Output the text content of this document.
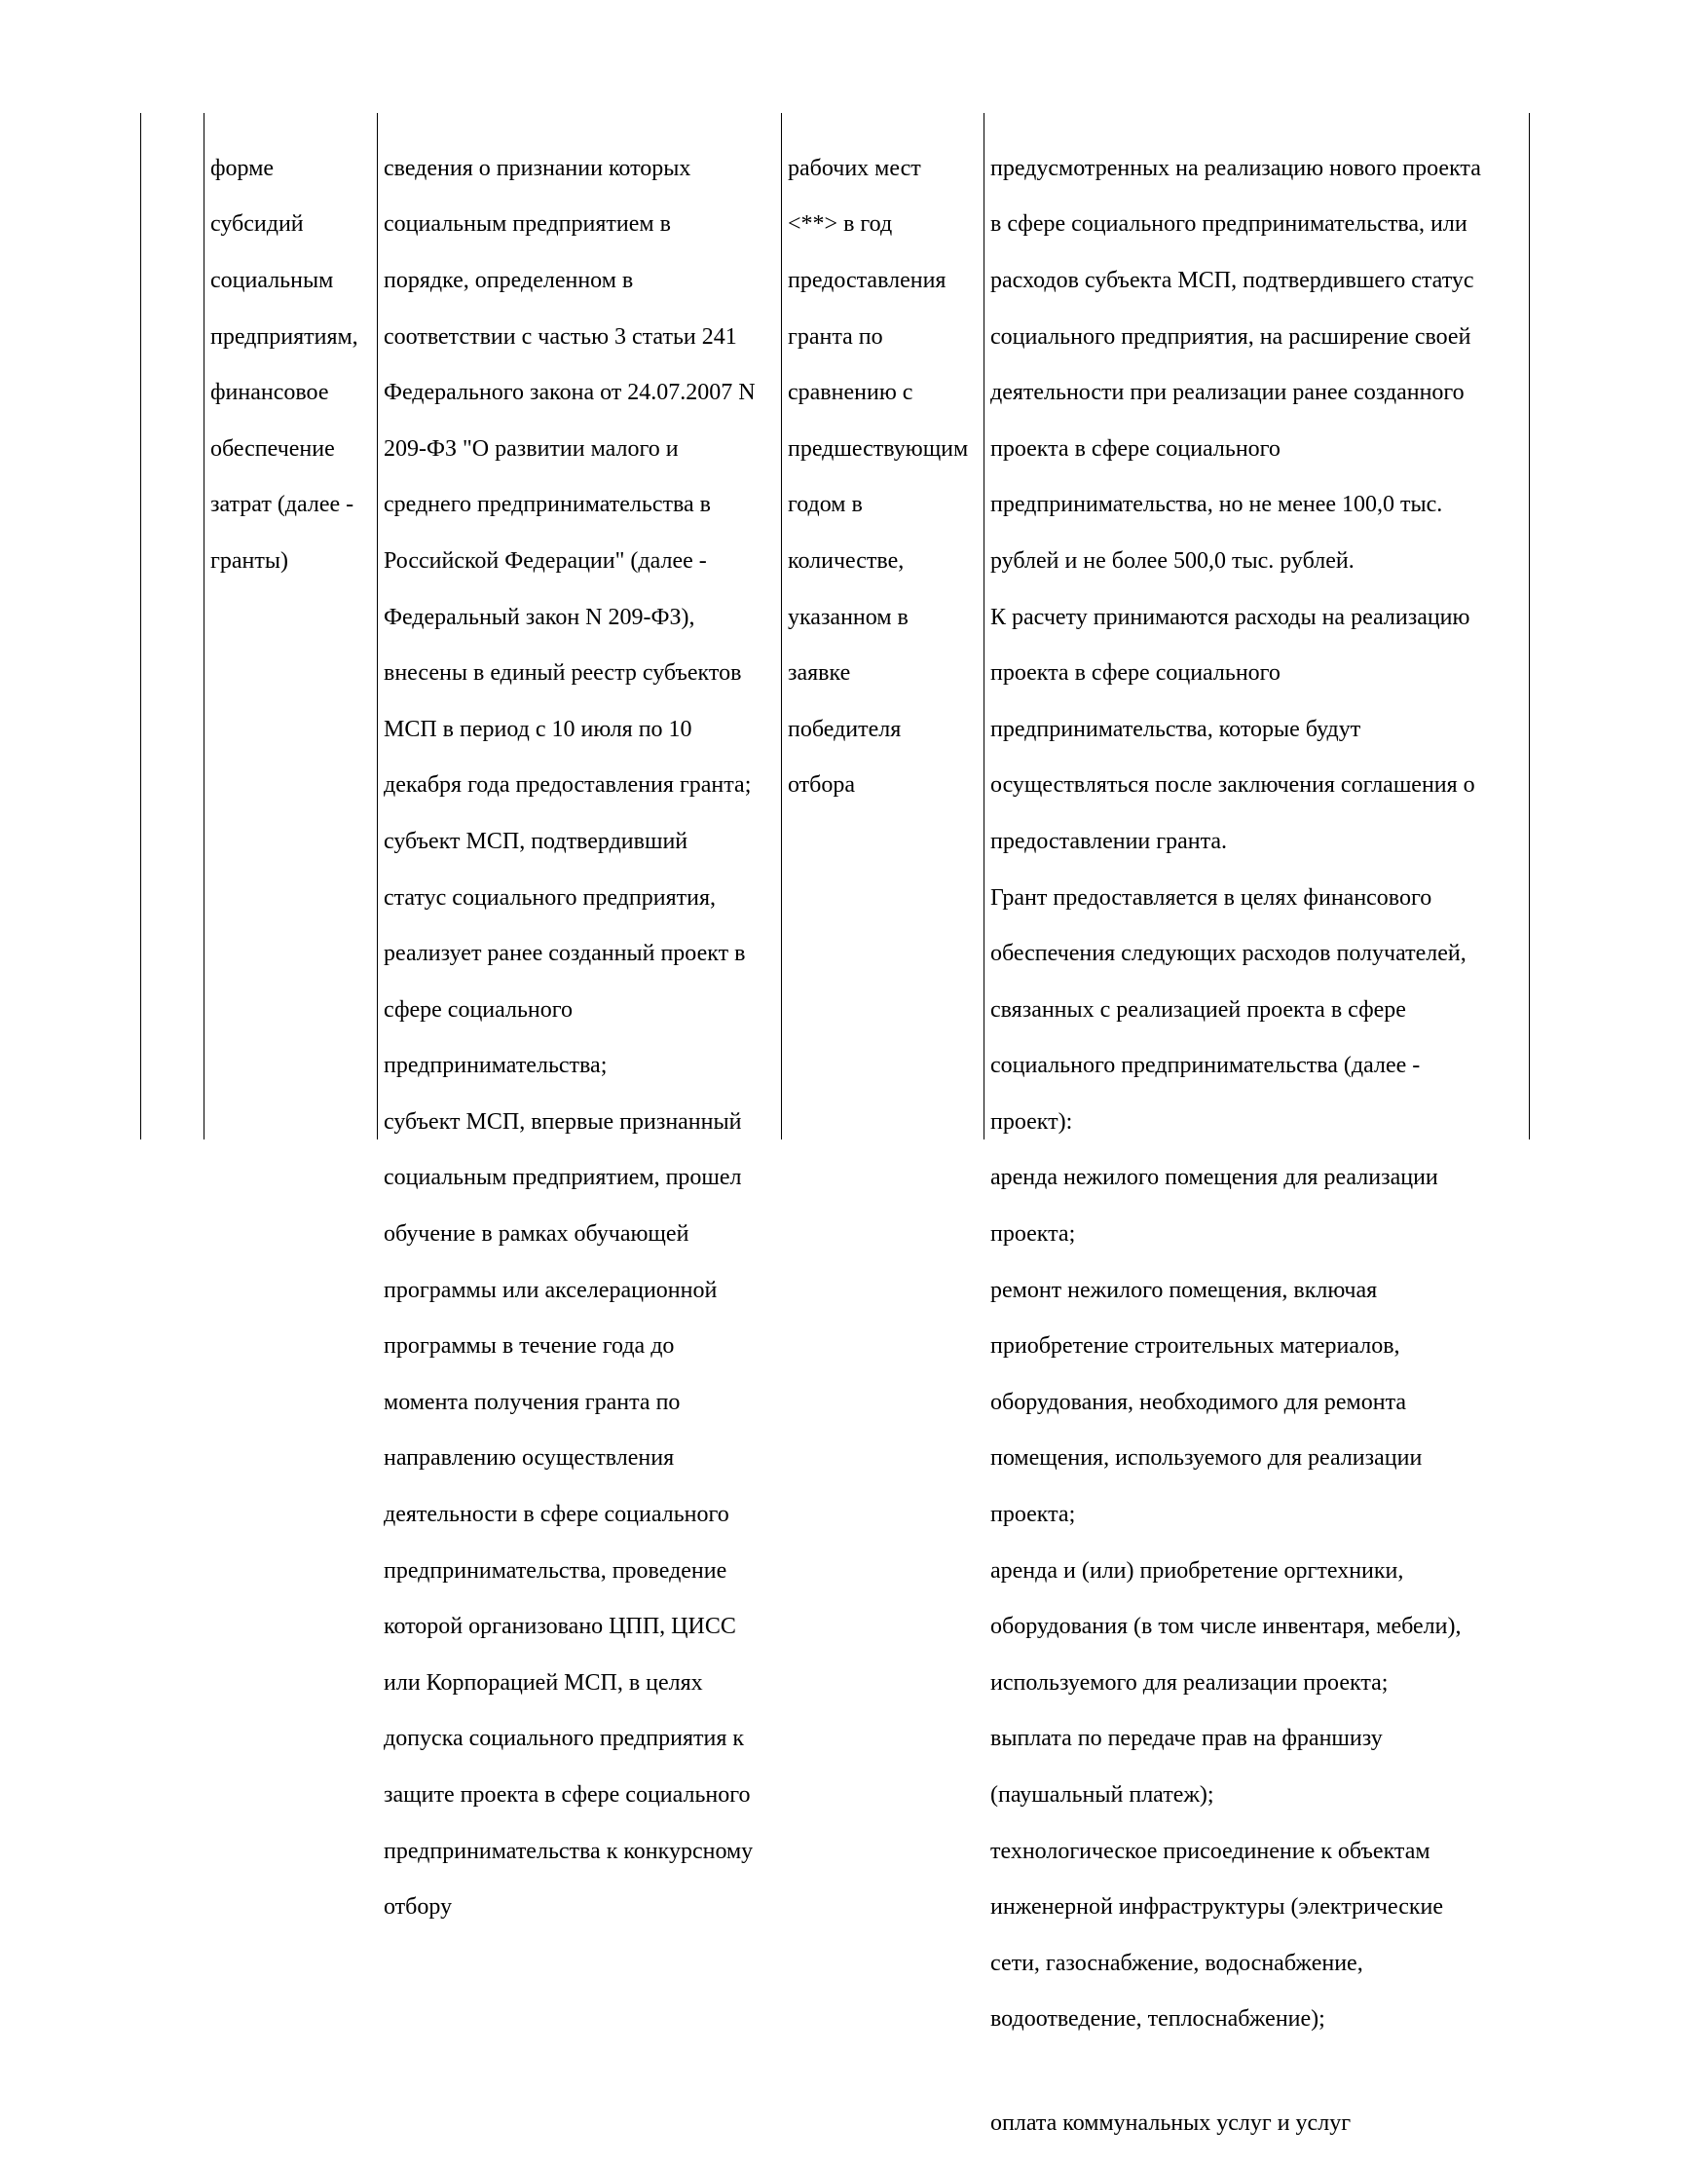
форме

субсидий

социальным

предприятиям,

финансовое

обеспечение

затрат (далее -

гранты)

сведения о признании которых

социальным предприятием в

порядке, определенном в

соответствии с частью 3 статьи 241

Федерального закона от 24.07.2007 N

209-ФЗ "О развитии малого и

среднего предпринимательства в

Российской Федерации" (далее -

Федеральный закон N 209-ФЗ),

внесены в единый реестр субъектов

МСП в период с 10 июля по 10

декабря года предоставления гранта;

субъект МСП, подтвердивший

статус социального предприятия,

реализует ранее созданный проект в

сфере социального

предпринимательства;

субъект МСП, впервые признанный

социальным предприятием, прошел

обучение в рамках обучающей

программы или акселерационной

программы в течение года до

момента получения гранта по

направлению осуществления

деятельности в сфере социального

предпринимательства, проведение

которой организовано ЦПП, ЦИСС

или Корпорацией МСП, в целях

допуска социального предприятия к

защите проекта в сфере социального

предпринимательства к конкурсному

отбору

рабочих мест

<**> в год

предоставления

гранта по

сравнению с

предшествующим

годом в

количестве,

указанном в

заявке

победителя

отбора

предусмотренных на реализацию нового проекта

в сфере социального предпринимательства, или

расходов субъекта МСП, подтвердившего статус

социального предприятия, на расширение своей

деятельности при реализации ранее созданного

проекта в сфере социального

предпринимательства, но не менее 100,0 тыс.

рублей и не более 500,0 тыс. рублей.

К расчету принимаются расходы на реализацию

проекта в сфере социального

предпринимательства, которые будут

осуществляться после заключения соглашения о

предоставлении гранта.

Грант предоставляется в целях финансового

обеспечения следующих расходов получателей,

связанных с реализацией проекта в сфере

социального предпринимательства (далее -

проект):

аренда нежилого помещения для реализации

проекта;

ремонт нежилого помещения, включая

приобретение строительных материалов,

оборудования, необходимого для ремонта

помещения, используемого для реализации

проекта;

аренда и (или) приобретение оргтехники,

оборудования (в том числе инвентаря, мебели),

используемого для реализации проекта;

выплата по передаче прав на франшизу

(паушальный платеж);

технологическое присоединение к объектам

инженерной инфраструктуры (электрические

сети, газоснабжение, водоснабжение,

водоотведение, теплоснабжение);

оплата коммунальных услуг и услуг
